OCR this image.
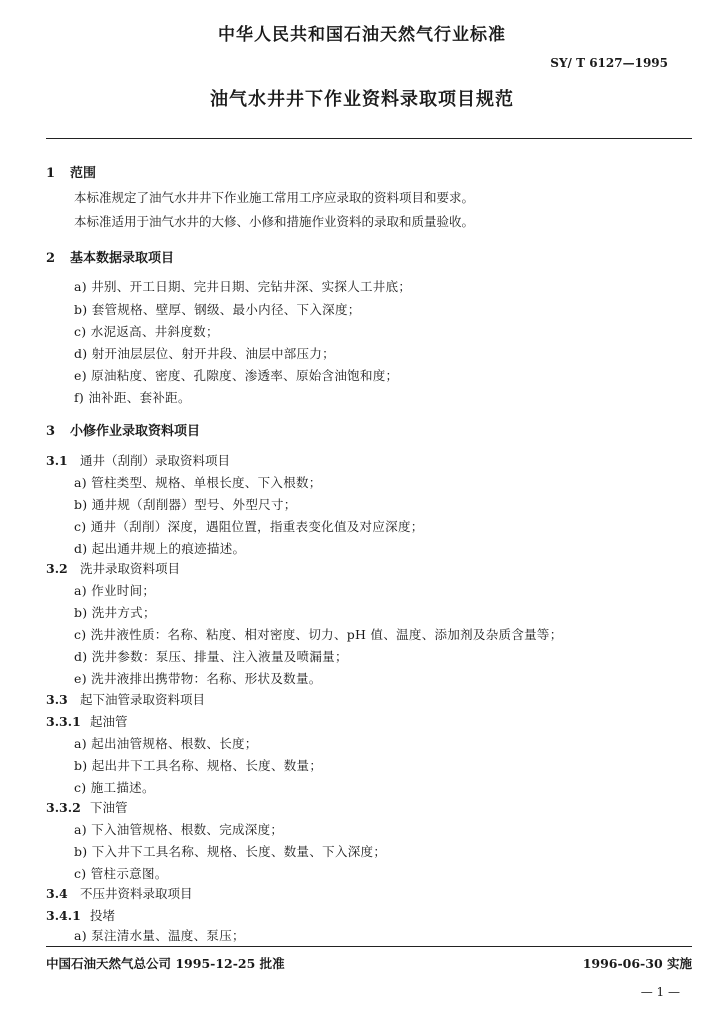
中华人民共和国石油天然气行业标准
SY/ T 6127—1995
油气水井井下作业资料录取项目规范
1 范围
本标准规定了油气水井井下作业施工常用工序应录取的资料项目和要求。
本标准适用于油气水井的大修、小修和措施作业资料的录取和质量验收。
2 基本数据录取项目
a) 井别、开工日期、完井日期、完钻井深、实探人工井底；
b) 套管规格、壁厚、钢级、最小内径、下入深度；
c) 水泥返高、井斜度数；
d) 射开油层层位、射开井段、油层中部压力；
e) 原油粘度、密度、孔隙度、渗透率、原始含油饱和度；
f) 油补距、套补距。
3 小修作业录取资料项目
3.1 通井（刮削）录取资料项目
a) 管柱类型、规格、单根长度、下入根数；
b) 通井规（刮削器）型号、外型尺寸；
c) 通井（刮削）深度，遇阻位置，指重表变化值及对应深度；
d) 起出通井规上的痕迹描述。
3.2 洗井录取资料项目
a) 作业时间；
b) 洗井方式；
c) 洗井液性质：名称、粘度、相对密度、切力、pH 值、温度、添加剂及杂质含量等；
d) 洗井参数：泵压、排量、注入液量及喷漏量；
e) 洗井液排出携带物：名称、形状及数量。
3.3 起下油管录取资料项目
3.3.1 起油管
a) 起出油管规格、根数、长度；
b) 起出井下工具名称、规格、长度、数量；
c) 施工描述。
3.3.2 下油管
a) 下入油管规格、根数、完成深度；
b) 下入井下工具名称、规格、长度、数量、下入深度；
c) 管柱示意图。
3.4 不压井资料录取项目
3.4.1 投堵
a) 泵注清水量、温度、泵压；
中国石油天然气总公司 1995-12-25 批准	1996-06-30 实施
— 1 —
